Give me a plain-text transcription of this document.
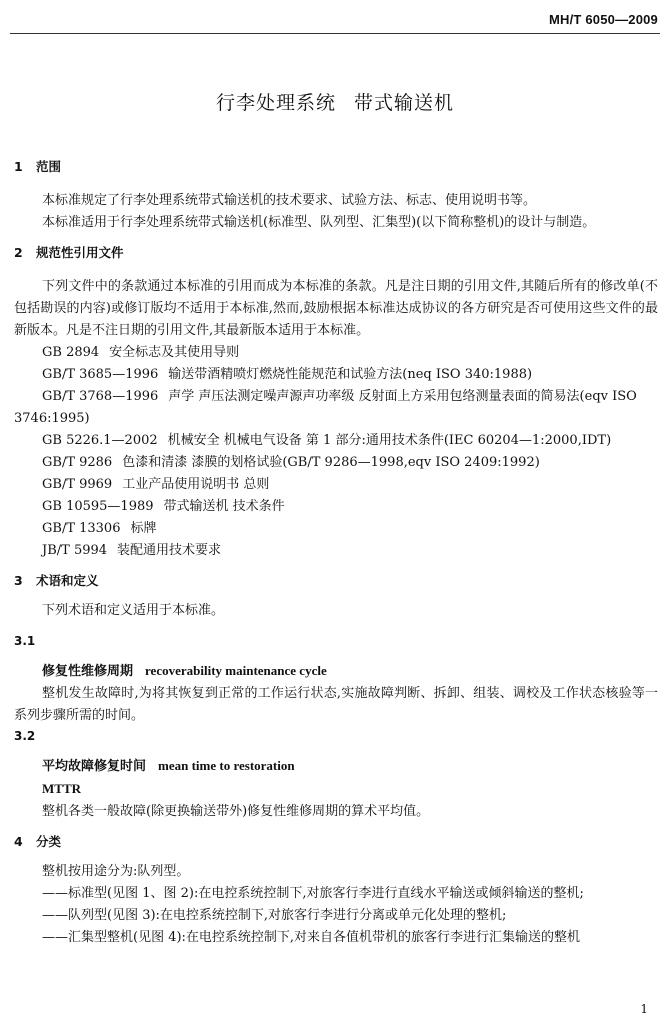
MH/T 6050—2009
行李处理系统 带式输送机

1 范围

本标准规定了行李处理系统带式输送机的技术要求、试验方法、标志、使用说明书等。

本标准适用于行李处理系统带式输送机(标准型、队列型、汇集型)(以下简称整机)的设计与制造。

2 规范性引用文件

下列文件中的条款通过本标准的引用而成为本标准的条款。凡是注日期的引用文件,其随后所有的修改单(不包括勘误的内容)或修订版均不适用于本标准,然而,鼓励根据本标准达成协议的各方研究是否可使用这些文件的最新版本。凡是不注日期的引用文件,其最新版本适用于本标准。

GB 2894 安全标志及其使用导则

GB/T 3685—1996 输送带酒精喷灯燃烧性能规范和试验方法(neq ISO 340:1988)

GB/T 3768—1996 声学 声压法测定噪声源声功率级 反射面上方采用包络测量表面的简易法(eqv ISO 3746:1995)

GB 5226.1—2002 机械安全 机械电气设备 第 1 部分:通用技术条件(IEC 60204—1:2000,IDT)

GB/T 9286 色漆和清漆 漆膜的划格试验(GB/T 9286—1998,eqv ISO 2409:1992)

GB/T 9969 工业产品使用说明书 总则

GB 10595—1989 带式输送机 技术条件

GB/T 13306 标牌

JB/T 5994 装配通用技术要求

3 术语和定义

下列术语和定义适用于本标准。

3.1

修复性维修周期 recoverability maintenance cycle

整机发生故障时,为将其恢复到正常的工作运行状态,实施故障判断、拆卸、组装、调校及工作状态核验等一系列步骤所需的时间。

3.2

平均故障修复时间 mean time to restoration

MTTR

整机各类一般故障(除更换输送带外)修复性维修周期的算术平均值。

4 分类

整机按用途分为:队列型。

——标准型(见图 1、图 2):在电控系统控制下,对旅客行李进行直线水平输送或倾斜输送的整机;

——队列型(见图 3):在电控系统控制下,对旅客行李进行分离或单元化处理的整机;

——汇集型整机(见图 4):在电控系统控制下,对来自各值机带机的旅客行李进行汇集输送的整机

1
